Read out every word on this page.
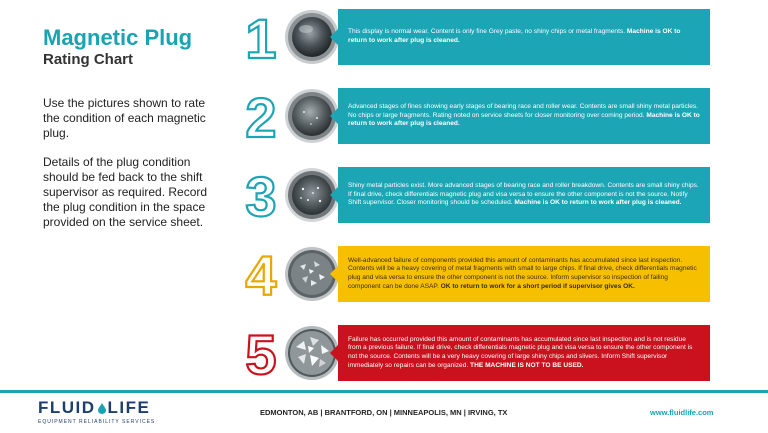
Magnetic Plug
Rating Chart
Use the pictures shown to rate the condition of each magnetic plug.
Details of the plug condition should be fed back to the shift supervisor as required. Record the plug condition in the space provided on the service sheet.
1	This display is normal wear. Content is only fine Grey paste, no shiny chips or metal fragments. Machine is OK to return to work after plug is cleaned.
2	Advanced stages of fines showing early stages of bearing race and roller wear. Contents are small shiny metal particles. No chips or large fragments. Rating noted on service sheets for closer monitoring over coming period. Machine is OK to return to work after plug is cleaned.
3	Shiny metal particles exist. More advanced stages of bearing race and roller breakdown. Contents are small shiny chips. If final drive, check differentials magnetic plug and visa versa to ensure the other component is not the source. Notify Shift supervisor. Closer monitoring should be scheduled. Machine is OK to return to work after plug is cleaned.
4	Well-advanced failure of components provided this amount of contaminants has accumulated since last inspection. Contents will be a heavy covering of metal fragments with small to large chips. If final drive, check differentials magnetic plug and visa versa to ensure the other component is not the source. Inform supervisor so inspection of failing component can be done ASAP. OK to return to work for a short period if supervisor gives OK.
5	Failure has occurred provided this amount of contaminants has accumulated since last inspection and is not residue from a previous failure. If final drive, check differentials magnetic plug and visa versa to ensure the other component is not the source. Contents will be a very heavy covering of large shiny chips and slivers. Inform Shift supervisor immediately so repairs can be organized. THE MACHINE IS NOT TO BE USED.
FLUID LIFE
EQUIPMENT RELIABILITY SERVICES
EDMONTON, AB | BRANTFORD, ON | MINNEAPOLIS, MN | IRVING, TX	www.fluidlife.com
